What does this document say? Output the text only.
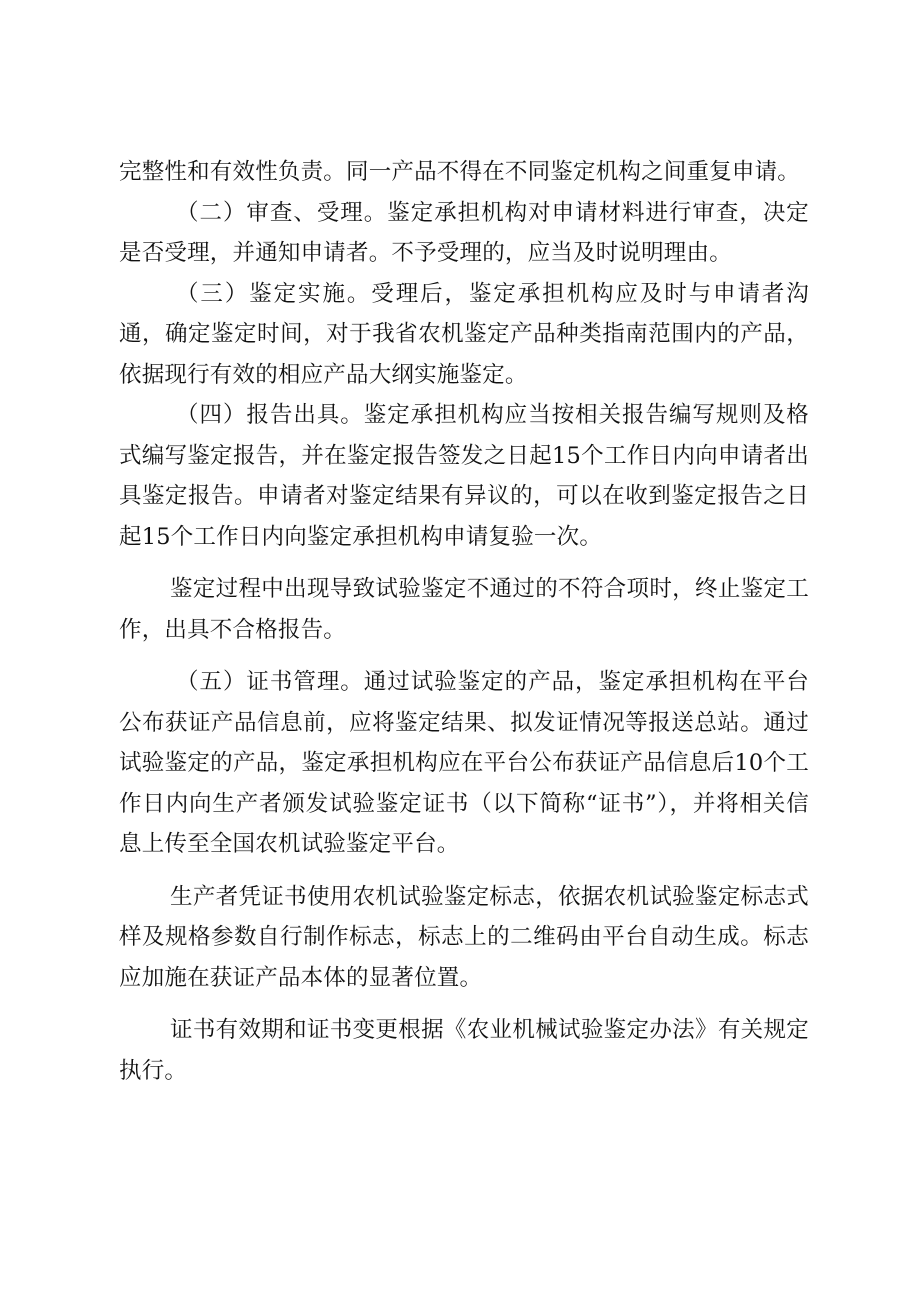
完整性和有效性负责。同一产品不得在不同鉴定机构之间重复申请。

（二）审查、受理。鉴定承担机构对申请材料进行审查，决定是否受理，并通知申请者。不予受理的，应当及时说明理由。

（三）鉴定实施。受理后，鉴定承担机构应及时与申请者沟通，确定鉴定时间，对于我省农机鉴定产品种类指南范围内的产品，依据现行有效的相应产品大纲实施鉴定。

（四）报告出具。鉴定承担机构应当按相关报告编写规则及格式编写鉴定报告，并在鉴定报告签发之日起15个工作日内向申请者出具鉴定报告。申请者对鉴定结果有异议的，可以在收到鉴定报告之日起15个工作日内向鉴定承担机构申请复验一次。

鉴定过程中出现导致试验鉴定不通过的不符合项时，终止鉴定工作，出具不合格报告。

（五）证书管理。通过试验鉴定的产品，鉴定承担机构在平台公布获证产品信息前，应将鉴定结果、拟发证情况等报送总站。通过试验鉴定的产品，鉴定承担机构应在平台公布获证产品信息后10个工作日内向生产者颁发试验鉴定证书（以下简称“证书”），并将相关信息上传至全国农机试验鉴定平台。

生产者凭证书使用农机试验鉴定标志，依据农机试验鉴定标志式样及规格参数自行制作标志，标志上的二维码由平台自动生成。标志应加施在获证产品本体的显著位置。

证书有效期和证书变更根据《农业机械试验鉴定办法》有关规定执行。
